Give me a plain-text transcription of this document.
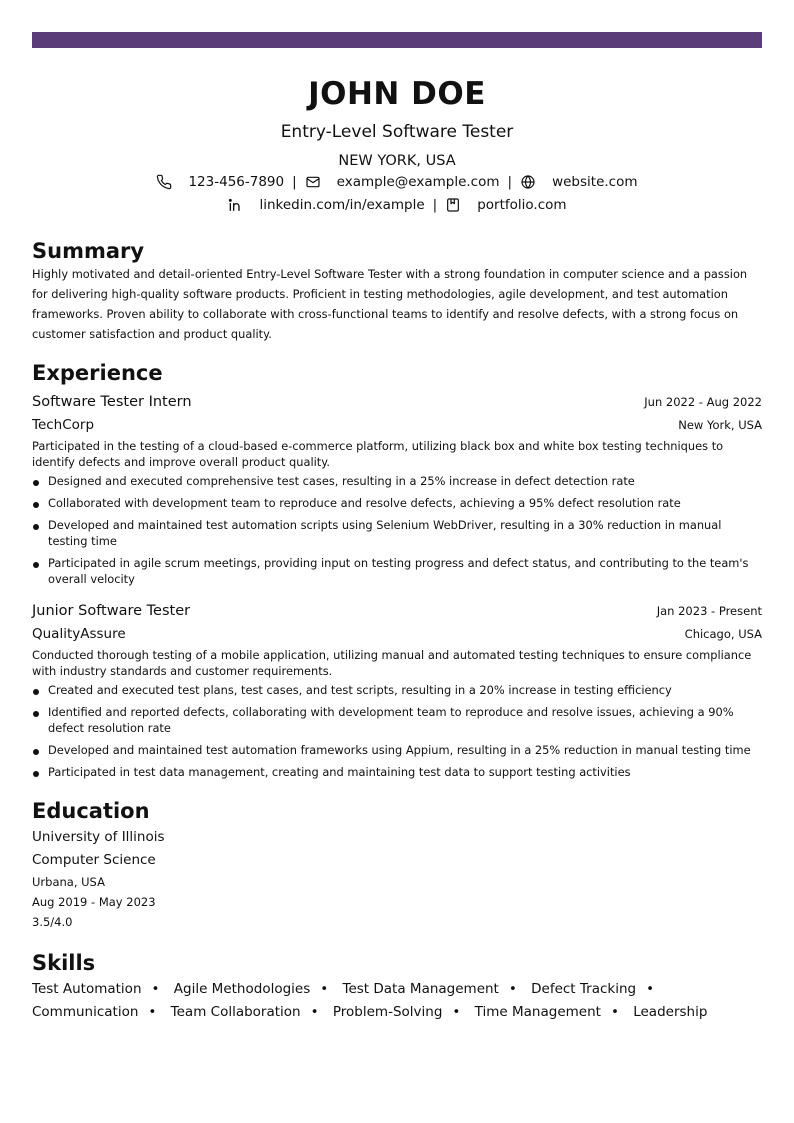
JOHN DOE
Entry-Level Software Tester
NEW YORK, USA
123-456-7890 |	example@example.com |	website.com
linkedin.com/in/example |	portfolio.com
Summary
Highly motivated and detail-oriented Entry-Level Software Tester with a strong foundation in computer science and a passion for delivering high-quality software products. Proficient in testing methodologies, agile development, and test automation frameworks. Proven ability to collaborate with cross-functional teams to identify and resolve defects, with a strong focus on customer satisfaction and product quality.
Experience
Software Tester Intern	Jun 2022 - Aug 2022
TechCorp	New York, USA
Participated in the testing of a cloud-based e-commerce platform, utilizing black box and white box testing techniques to identify defects and improve overall product quality.
Designed and executed comprehensive test cases, resulting in a 25% increase in defect detection rate
Collaborated with development team to reproduce and resolve defects, achieving a 95% defect resolution rate
Developed and maintained test automation scripts using Selenium WebDriver, resulting in a 30% reduction in manual testing time
Participated in agile scrum meetings, providing input on testing progress and defect status, and contributing to the team's overall velocity
Junior Software Tester	Jan 2023 - Present
QualityAssure	Chicago, USA
Conducted thorough testing of a mobile application, utilizing manual and automated testing techniques to ensure compliance with industry standards and customer requirements.
Created and executed test plans, test cases, and test scripts, resulting in a 20% increase in testing efficiency
Identified and reported defects, collaborating with development team to reproduce and resolve issues, achieving a 90% defect resolution rate
Developed and maintained test automation frameworks using Appium, resulting in a 25% reduction in manual testing time
Participated in test data management, creating and maintaining test data to support testing activities
Education
University of Illinois
Computer Science
Urbana, USA
Aug 2019 - May 2023
3.5/4.0
Skills
Test Automation • Agile Methodologies • Test Data Management • Defect Tracking • Communication • Team Collaboration • Problem-Solving • Time Management • Leadership
